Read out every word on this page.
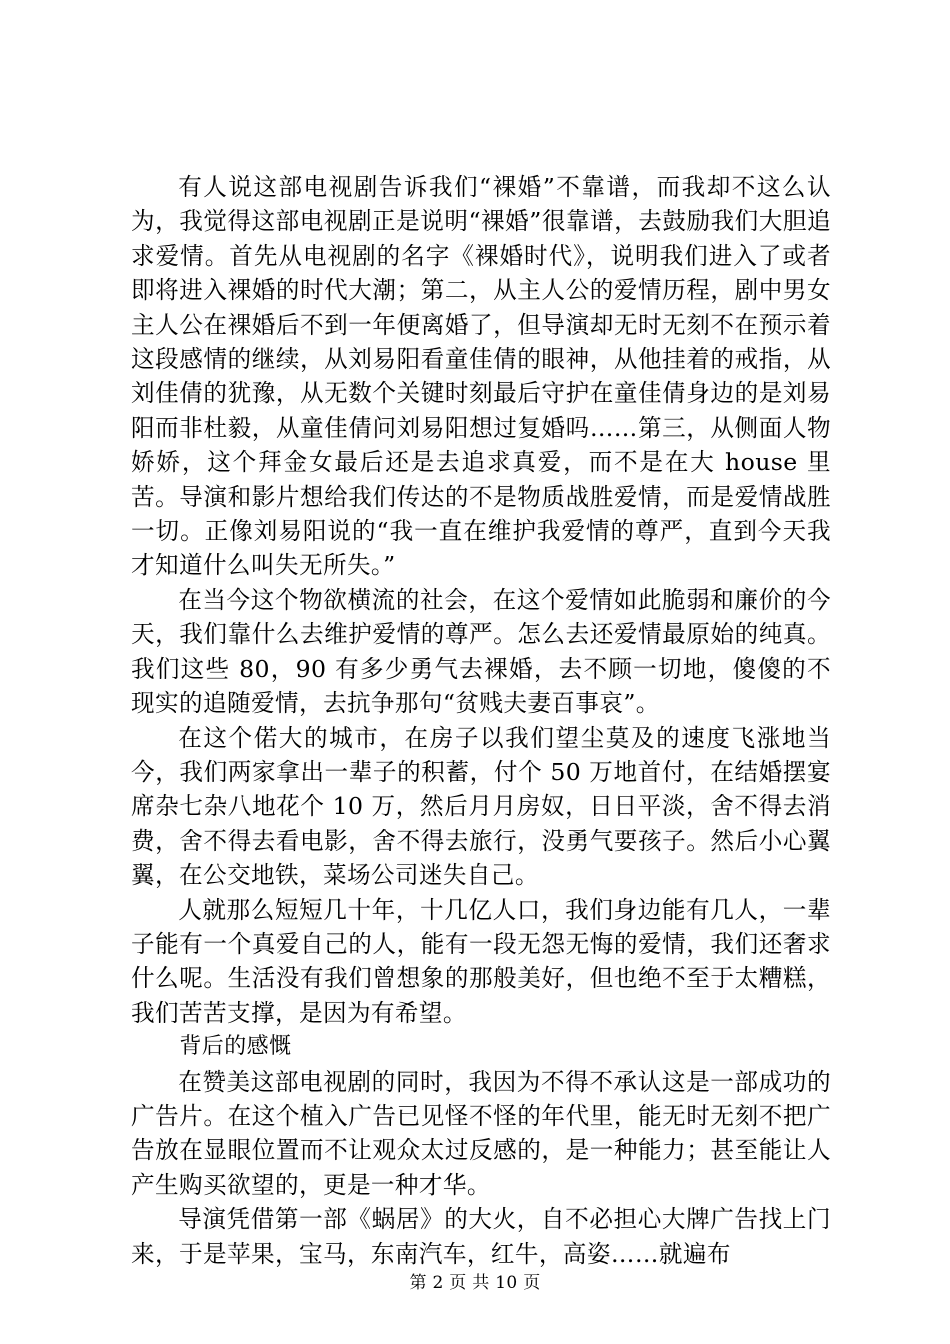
有人说这部电视剧告诉我们“裸婚”不靠谱，而我却不这么认为，我觉得这部电视剧正是说明“裸婚”很靠谱，去鼓励我们大胆追求爱情。首先从电视剧的名字《裸婚时代》，说明我们进入了或者即将进入裸婚的时代大潮；第二，从主人公的爱情历程，剧中男女主人公在裸婚后不到一年便离婚了，但导演却无时无刻不在预示着这段感情的继续，从刘易阳看童佳倩的眼神，从他挂着的戒指，从刘佳倩的犹豫，从无数个关键时刻最后守护在童佳倩身边的是刘易阳而非杜毅，从童佳倩问刘易阳想过复婚吗……第三，从侧面人物娇娇，这个拜金女最后还是去追求真爱，而不是在大 house 里苦。导演和影片想给我们传达的不是物质战胜爱情，而是爱情战胜一切。正像刘易阳说的“我一直在维护我爱情的尊严，直到今天我才知道什么叫失无所失。”

在当今这个物欲横流的社会，在这个爱情如此脆弱和廉价的今天，我们靠什么去维护爱情的尊严。怎么去还爱情最原始的纯真。我们这些 80，90 有多少勇气去裸婚，去不顾一切地，傻傻的不现实的追随爱情，去抗争那句“贫贱夫妻百事哀”。

在这个偌大的城市，在房子以我们望尘莫及的速度飞涨地当今，我们两家拿出一辈子的积蓄，付个 50 万地首付，在结婚摆宴席杂七杂八地花个 10 万，然后月月房奴，日日平淡，舍不得去消费，舍不得去看电影，舍不得去旅行，没勇气要孩子。然后小心翼翼，在公交地铁，菜场公司迷失自己。

人就那么短短几十年，十几亿人口，我们身边能有几人，一辈子能有一个真爱自己的人，能有一段无怨无悔的爱情，我们还奢求什么呢。生活没有我们曾想象的那般美好，但也绝不至于太糟糕，我们苦苦支撑，是因为有希望。

背后的感慨

在赞美这部电视剧的同时，我因为不得不承认这是一部成功的广告片。在这个植入广告已见怪不怪的年代里，能无时无刻不把广告放在显眼位置而不让观众太过反感的，是一种能力；甚至能让人产生购买欲望的，更是一种才华。

导演凭借第一部《蜗居》的大火，自不必担心大牌广告找上门来，于是苹果，宝马，东南汽车，红牛，高姿……就遍布

第 2 页 共 10 页
